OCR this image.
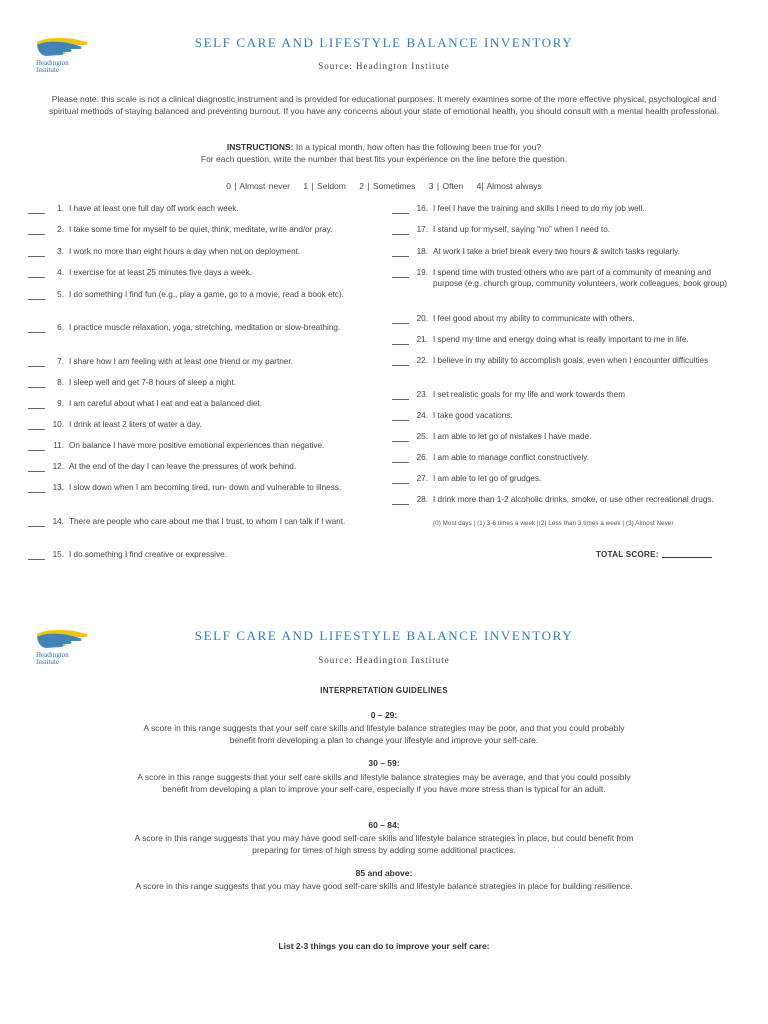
Headington
Institute
SELF CARE AND LIFESTYLE BALANCE INVENTORY
Source: Headington Institute
Please note: this scale is not a clinical diagnostic instrument and is provided for educational purposes. It merely examines some of the more effective physical, psychological and spiritual methods of staying balanced and preventing burnout. If you have any concerns about your state of emotional health, you should consult with a mental health professional.
INSTRUCTIONS: In a typical month, how often has the following been true for you?
For each question, write the number that best fits your experience on the line before the question.
0 | Almost never 1 | Seldom 2 | Sometimes 3 | Often 4| Almost always
1. I have at least one full day off work each week.
2. I take some time for myself to be quiet, think, meditate, write and/or pray.
3. I work no more than eight hours a day when not on deployment.
4. I exercise for at least 25 minutes five days a week.
5. I do something I find fun (e.g., play a game, go to a movie, read a book etc).
6. I practice muscle relaxation, yoga, stretching, meditation or slow-breathing.
7. I share how I am feeling with at least one friend or my partner.
8. I sleep well and get 7-8 hours of sleep a night.
9. I am careful about what I eat and eat a balanced diet.
10. I drink at least 2 liters of water a day.
11. On balance I have more positive emotional experiences than negative.
12. At the end of the day I can leave the pressures of work behind.
13. I slow down when I am becoming tired, run- down and vulnerable to illness.
14. There are people who care about me that I trust, to whom I can talk if I want.
15. I do something I find creative or expressive.
16. I feel I have the training and skills I need to do my job well.
17. I stand up for myself, saying “no” when I need to.
18. At work I take a brief break every two hours & switch tasks regularly.
19. I spend time with trusted others who are part of a community of meaning and purpose (e.g. church group, community volunteers, work colleagues, book group)
20. I feel good about my ability to communicate with others.
21. I spend my time and energy doing what is really important to me in life.
22. I believe in my ability to accomplish goals, even when I encounter difficulties
23. I set realistic goals for my life and work towards them
24. I take good vacations.
25. I am able to let go of mistakes I have made.
26. I am able to manage conflict constructively.
27. I am able to let go of grudges.
28. I drink more than 1-2 alcoholic drinks, smoke, or use other recreational drugs.
(0) Most days | (1) 3-6 times a week |(2) Less than 3 times a week | (3) Almost Never
TOTAL SCORE:
Headington
Institute
SELF CARE AND LIFESTYLE BALANCE INVENTORY
Source: Headington Institute
INTERPRETATION GUIDELINES
0 – 29:
A score in this range suggests that your self care skills and lifestyle balance strategies may be poor, and that you could probably benefit from developing a plan to change your lifestyle and improve your self-care.
30 – 59:
A score in this range suggests that your self care skills and lifestyle balance strategies may be average, and that you could possibly benefit from developing a plan to improve your self-care, especially if you have more stress than is typical for an adult.
60 – 84:
A score in this range suggests that you may have good self-care skills and lifestyle balance strategies in place, but could benefit from preparing for times of high stress by adding some additional practices.
85 and above:
A score in this range suggests that you may have good self-care skills and lifestyle balance strategies in place for building resilience.
List 2-3 things you can do to improve your self care:
